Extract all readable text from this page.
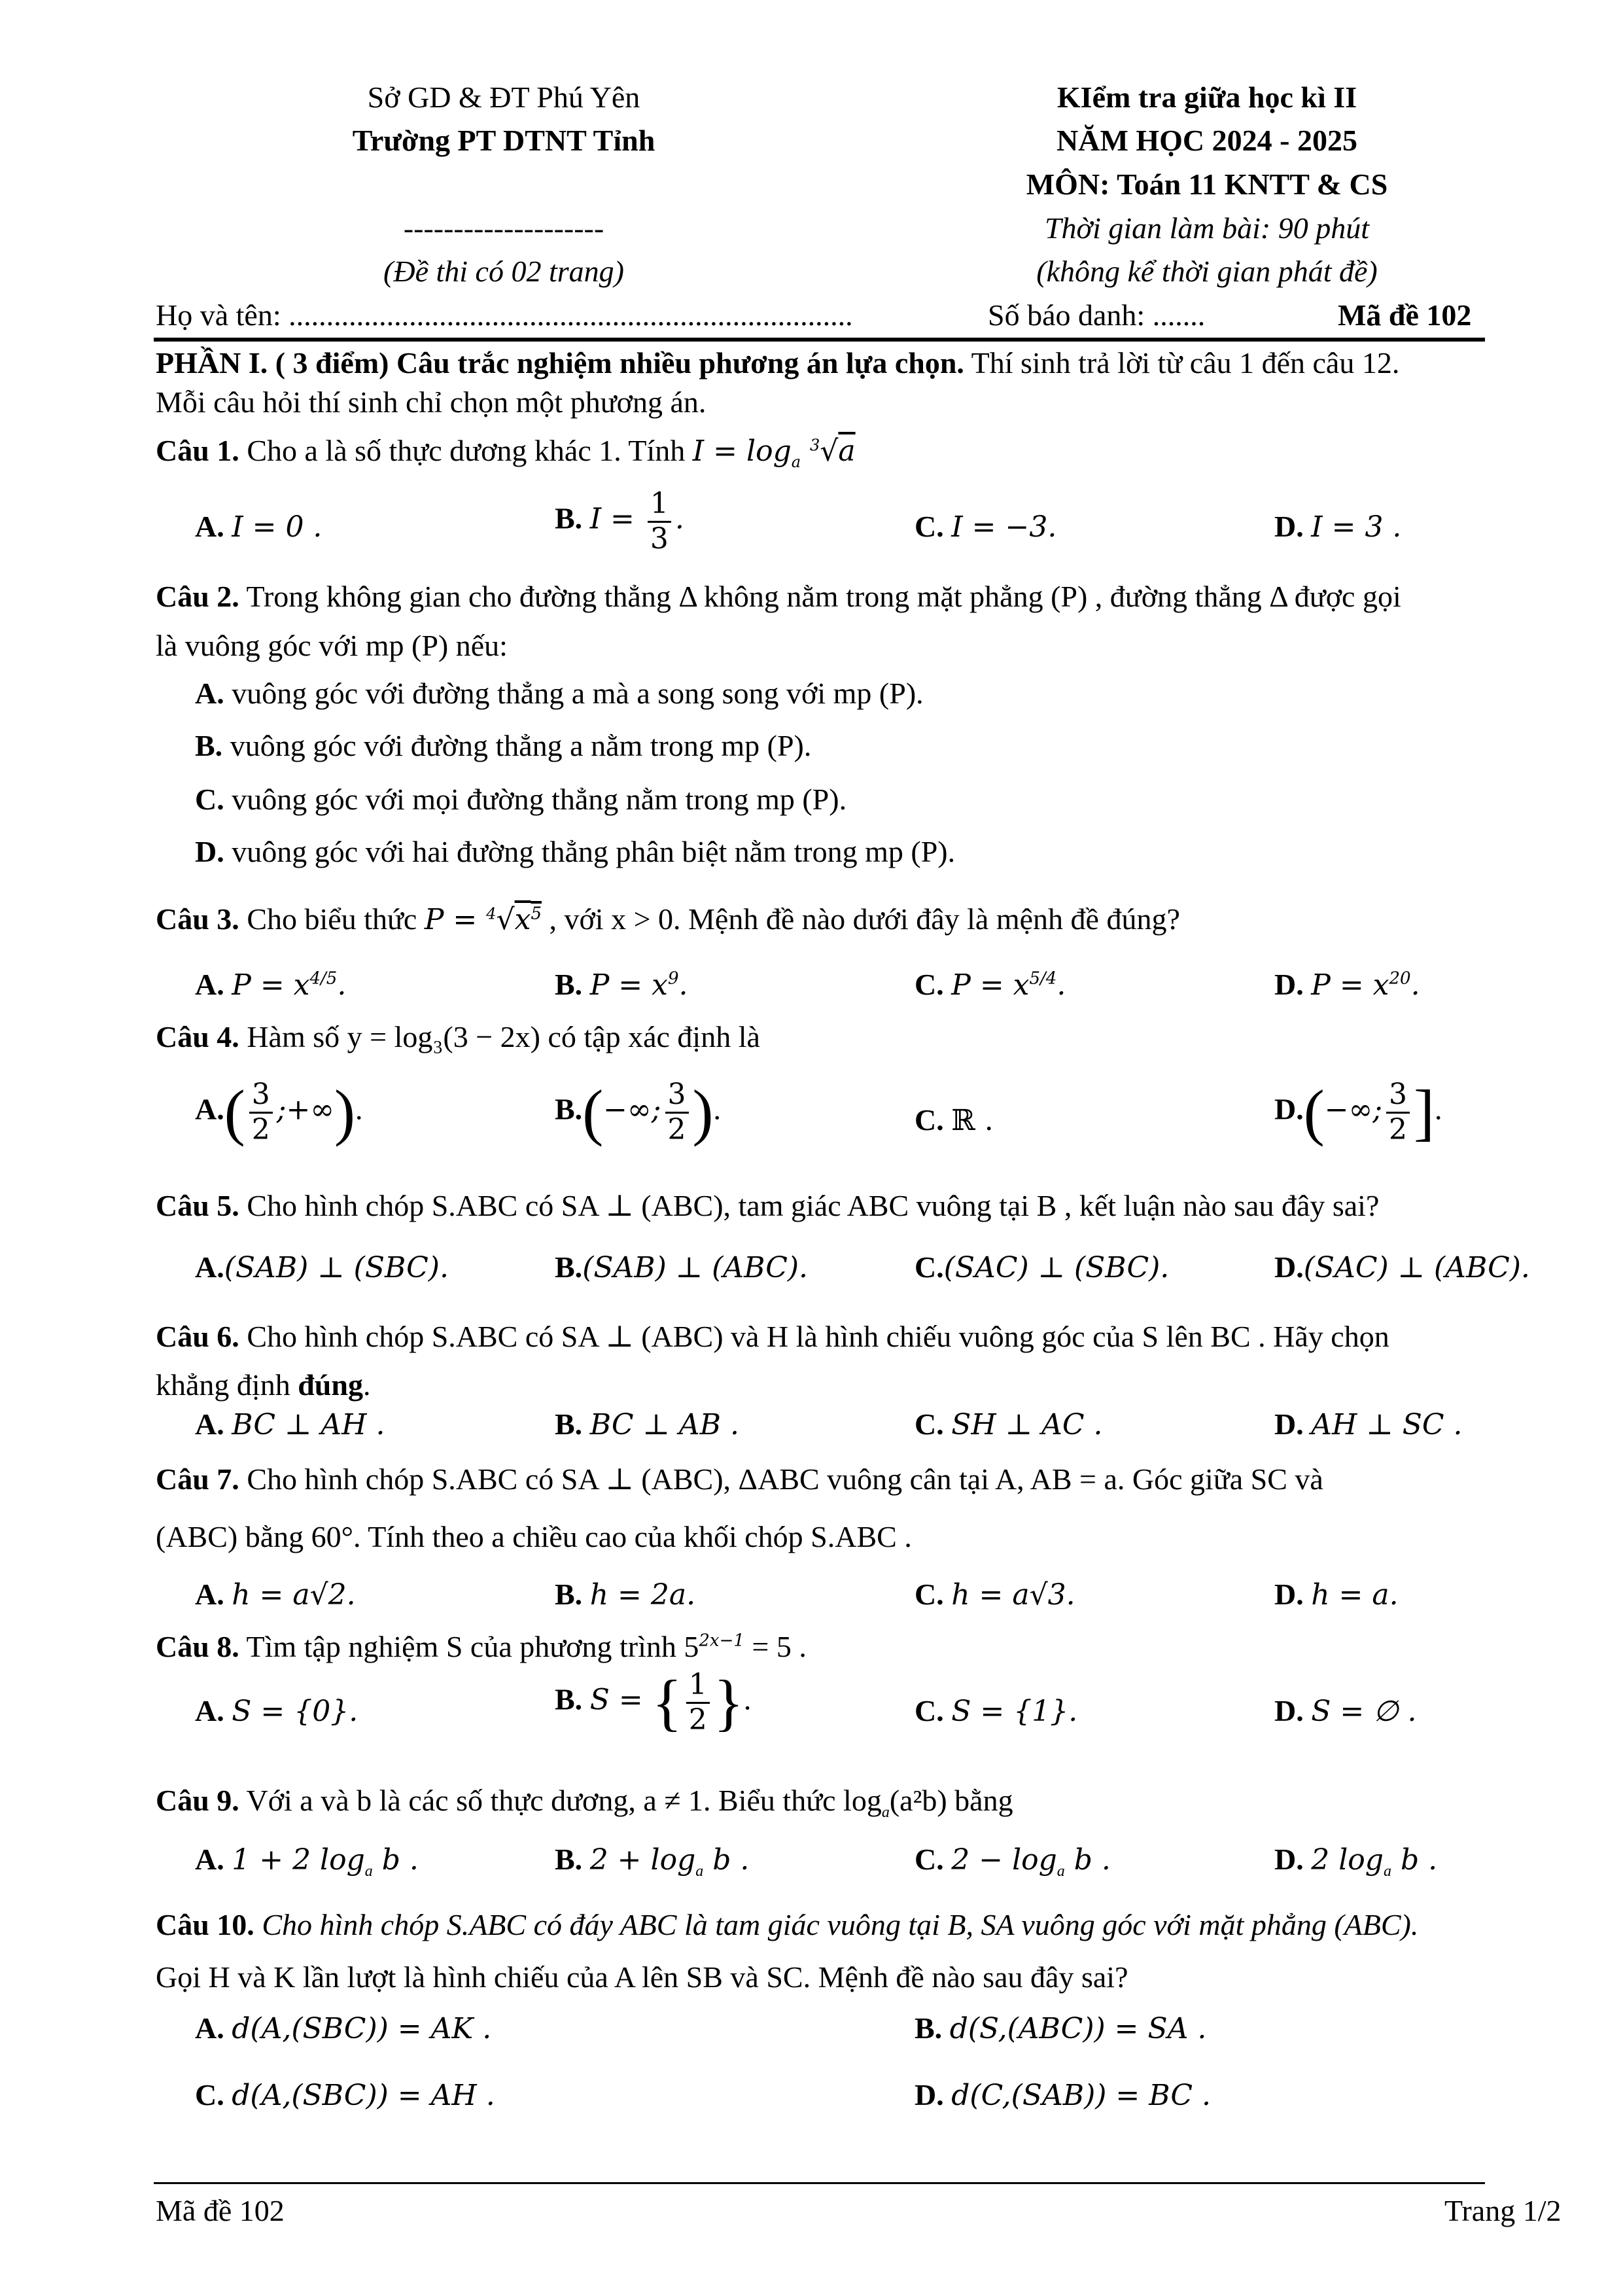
Sở GD & ĐT Phú Yên
Trường PT DTNT Tỉnh
--------------------
(Đề thi có 02 trang)
KIểm tra giữa học kì II
NĂM HỌC 2024 - 2025
MÔN: Toán 11 KNTT & CS
Thời gian làm bài: 90 phút
(không kể thời gian phát đề)
Họ và tên: ...........................................................................	Số báo danh: .......	Mã đề 102
PHẦN I. ( 3 điểm) Câu trắc nghiệm nhiều phương án lựa chọn. Thí sinh trả lời từ câu 1 đến câu 12.
Mỗi câu hỏi thí sinh chỉ chọn một phương án.
Câu 1. Cho a là số thực dương khác 1. Tính $I = \log_a ^3√a$
A. I = 0 .	B. $I = \frac{1}{3}$ .	C. I = −3.	D. I = 3 .
Câu 2. Trong không gian cho đường thẳng Δ không nằm trong mặt phẳng (P) , đường thẳng Δ được gọi
là vuông góc với mp (P) nếu:
A. vuông góc với đường thẳng a mà a song song với mp (P).
B. vuông góc với đường thẳng a nằm trong mp (P).
C. vuông góc với mọi đường thẳng nằm trong mp (P).
D. vuông góc với hai đường thẳng phân biệt nằm trong mp (P).
Câu 3. Cho biểu thức $P = ^4√x^5$ , với x > 0. Mệnh đề nào dưới đây là mệnh đề đúng?
A. $P = x^{4/5}$.	B. $P = x^9$.	C. $P = x^{5/4}$.	D. $P = x^{20}$.
Câu 4. Hàm số y = log₃(3 − 2x) có tập xác định là
$A.( \frac{3}{2}$ ;+∞).	B.(−∞; $\frac{3}{2}$ ).	C. ℝ .	D.(−∞; $\frac{3}{2}$ ].
Câu 5. Cho hình chóp S.ABC có SA ⊥ (ABC), tam giác ABC vuông tại B , kết luận nào sau đây sai?
A.(SAB) ⊥ (SBC).	B.(SAB) ⊥ (ABC).	C.(SAC) ⊥ (SBC).	D.(SAC) ⊥ (ABC).
Câu 6. Cho hình chóp S.ABC có SA ⊥ (ABC) và H là hình chiếu vuông góc của S lên BC . Hãy chọn
khẳng định đúng.
A. BC ⊥ AH .	B. BC ⊥ AB .	C. SH ⊥ AC .	D. AH ⊥ SC .
Câu 7. Cho hình chóp S.ABC có SA ⊥ (ABC), ΔABC vuông cân tại A, AB = a. Góc giữa SC và
(ABC) bằng 60°. Tính theo a chiều cao của khối chóp S.ABC .
A. h = a√2.	B. h = 2a.	C. h = a√3.	D. h = a.
Câu 8. Tìm tập nghiệm S của phương trình $5^{2x-1} = 5$ .
A. S = {0}.	B. S = { $\frac{1}{2}$ }.	C. S = {1}.	D. S = ∅ .
Câu 9. Với a và b là các số thực dương, a ≠ 1. Biểu thức $\log_a(a^2b)$ bằng
A. 1 + 2 $\log_a b$ .	B. $2 + \log_a b$ .	C. $2 - \log_a b$ .	D. 2 $\log_a b$ .
Câu 10. Cho hình chóp S.ABC có đáy ABC là tam giác vuông tại B, SA vuông góc với mặt phẳng (ABC).
Gọi H và K lần lượt là hình chiếu của A lên SB và SC. Mệnh đề nào sau đây sai?
A. d(A,(SBC)) = AK .	B. d(S,(ABC)) = SA .
C. d(A,(SBC)) = AH .	D. d(C,(SAB)) = BC .
Mã đề 102	Trang 1/2
